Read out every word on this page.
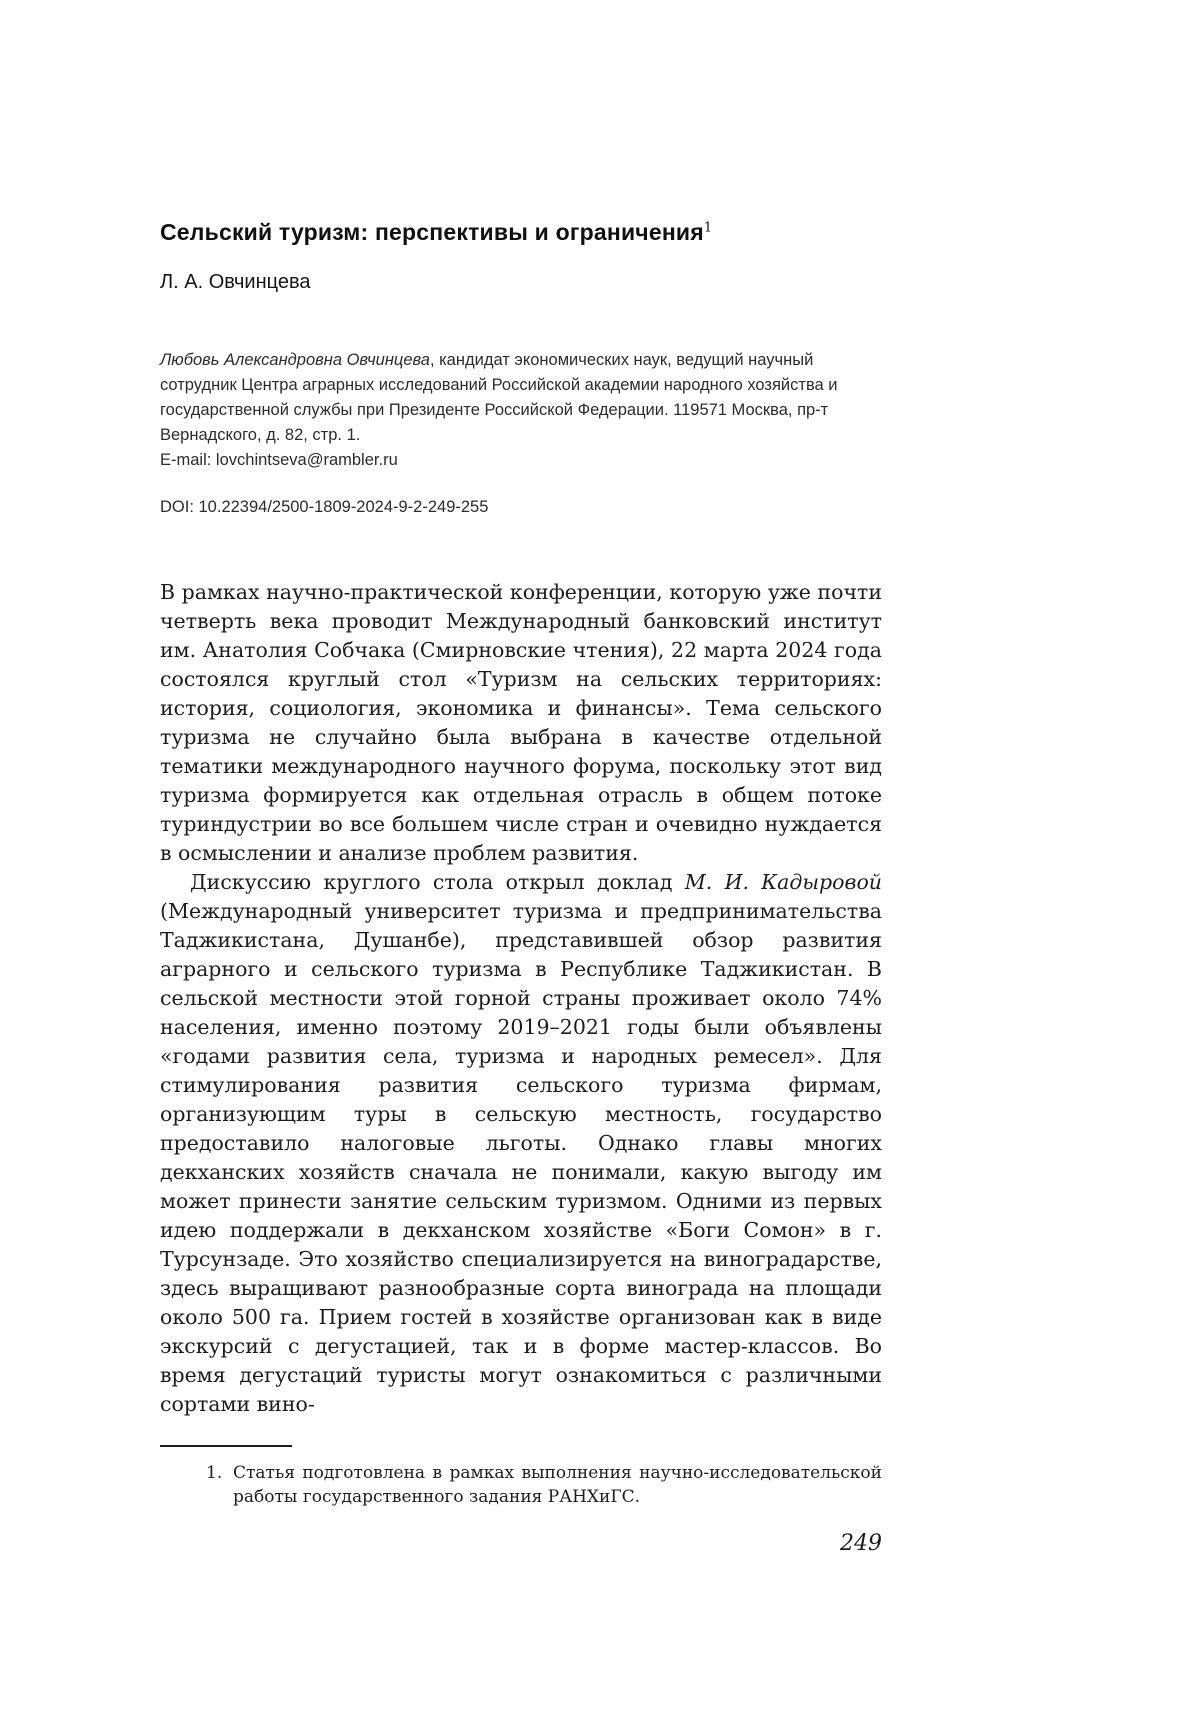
Сельский туризм: перспективы и ограничения$^1$
Л. А. Овчинцева
Любовь Александровна Овчинцева, кандидат экономических наук, ведущий научный сотрудник Центра аграрных исследований Российской академии народного хозяйства и государственной службы при Президенте Российской Федерации. 119571 Москва, пр-т Вернадского, д. 82, стр. 1.
E-mail: lovchintseva@rambler.ru
DOI: 10.22394/2500-1809-2024-9-2-249-255

В рамках научно-практической конференции, которую уже почти четверть века проводит Международный банковский институт им. Анатолия Собчака (Смирновские чтения), 22 марта 2024 года состоялся круглый стол «Туризм на сельских территориях: история, социология, экономика и финансы». Тема сельского туризма не случайно была выбрана в качестве отдельной тематики международного научного форума, поскольку этот вид туризма формируется как отдельная отрасль в общем потоке туриндустрии во все большем числе стран и очевидно нуждается в осмыслении и анализе проблем развития.

Дискуссию круглого стола открыл доклад М. И. Кадыровой (Международный университет туризма и предпринимательства Таджикистана, Душанбе), представившей обзор развития аграрного и сельского туризма в Республике Таджикистан. В сельской местности этой горной страны проживает около 74% населения, именно поэтому 2019–2021 годы были объявлены «годами развития села, туризма и народных ремесел». Для стимулирования развития сельского туризма фирмам, организующим туры в сельскую местность, государство предоставило налоговые льготы. Однако главы многих декханских хозяйств сначала не понимали, какую выгоду им может принести занятие сельским туризмом. Одними из первых идею поддержали в декханском хозяйстве «Боги Сомон» в г. Турсунзаде. Это хозяйство специализируется на виноградарстве, здесь выращивают разнообразные сорта винограда на площади около 500 га. Прием гостей в хозяйстве организован как в виде экскурсий с дегустацией, так и в форме мастер-классов. Во время дегустаций туристы могут ознакомиться с различными сортами вино-

1. Статья подготовлена в рамках выполнения научно-исследовательской работы государственного задания РАНХиГС.
249
